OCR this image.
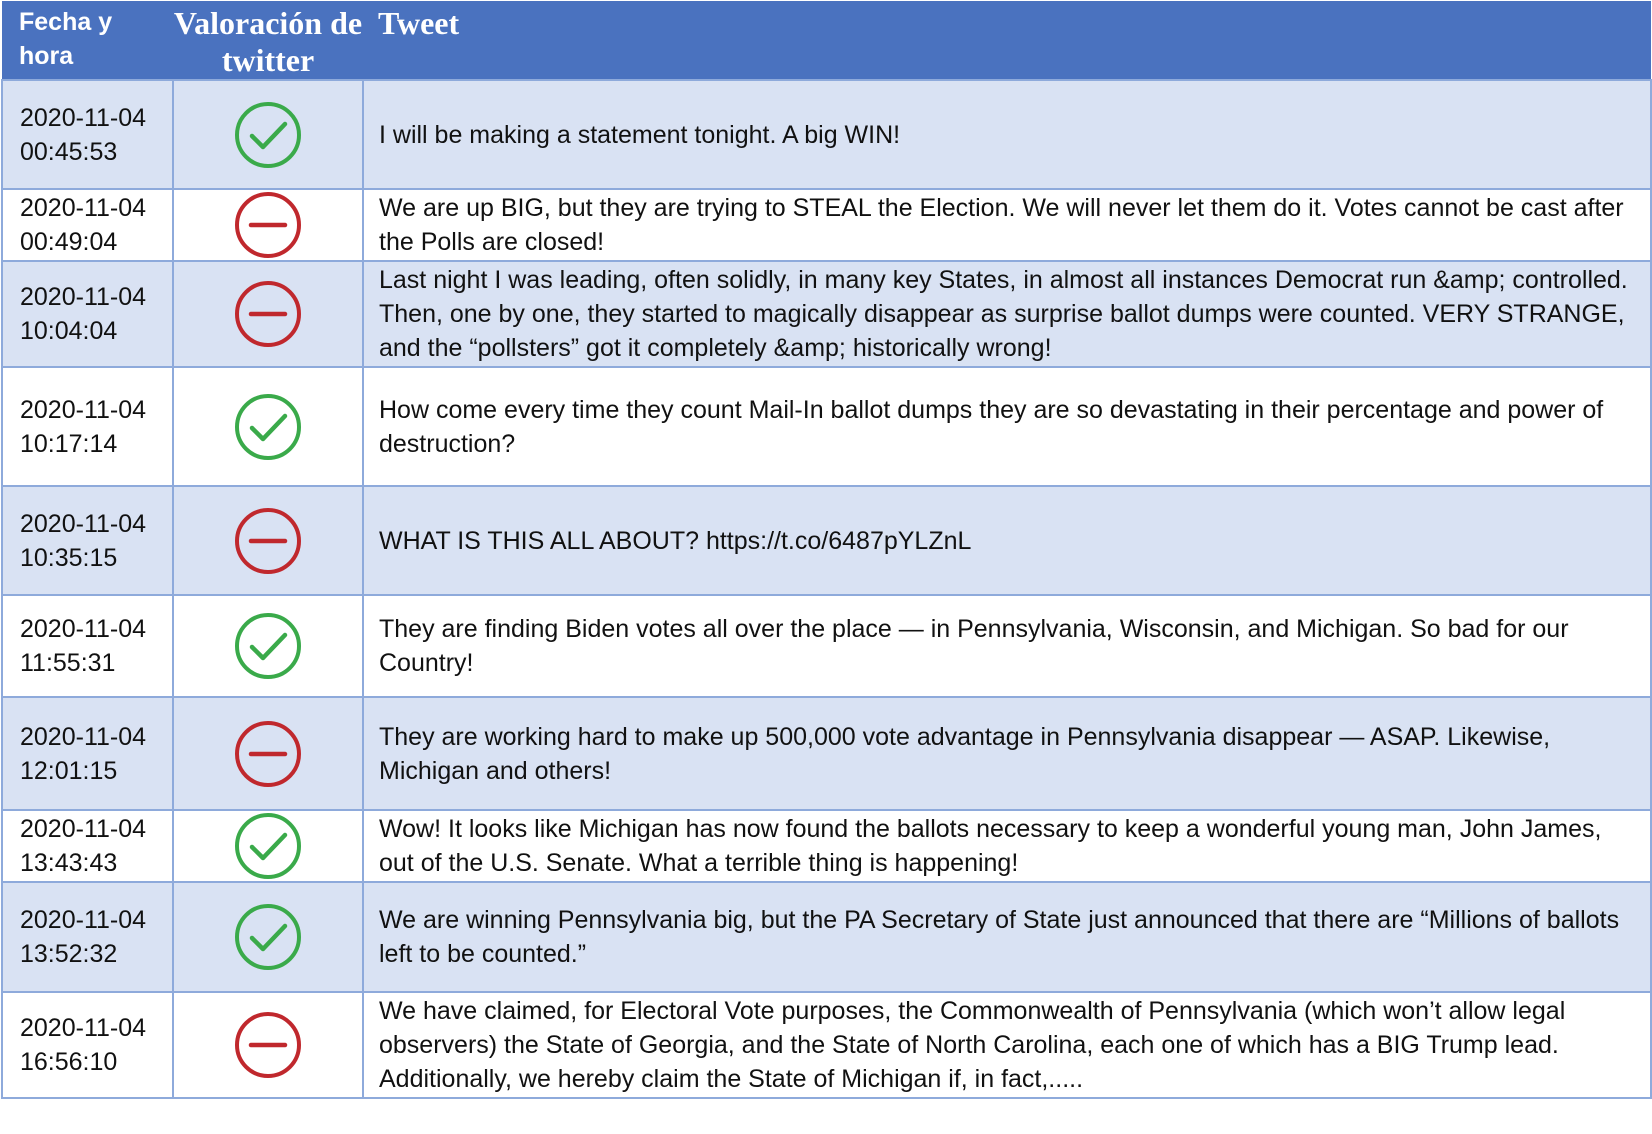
Fecha y hora	Valoración de twitter	Tweet

2020-11-04
00:45:53		I will be making a statement tonight. A big WIN!

2020-11-04
00:49:04		We are up BIG, but they are trying to STEAL the Election. We will never let them do it. Votes cannot be cast after the Polls are closed!

2020-11-04
10:04:04		Last night I was leading, often solidly, in many key States, in almost all instances Democrat run &amp; controlled. Then, one by one, they started to magically disappear as surprise ballot dumps were counted. VERY STRANGE, and the “pollsters” got it completely &amp; historically wrong!

2020-11-04
10:17:14		How come every time they count Mail-In ballot dumps they are so devastating in their percentage and power of destruction?

2020-11-04
10:35:15		WHAT IS THIS ALL ABOUT? https://t.co/6487pYLZnL

2020-11-04
11:55:31		They are finding Biden votes all over the place — in Pennsylvania, Wisconsin, and Michigan. So bad for our Country!

2020-11-04
12:01:15		They are working hard to make up 500,000 vote advantage in Pennsylvania disappear — ASAP. Likewise, Michigan and others!

2020-11-04
13:43:43		Wow! It looks like Michigan has now found the ballots necessary to keep a wonderful young man, John James, out of the U.S. Senate. What a terrible thing is happening!

2020-11-04
13:52:32		We are winning Pennsylvania big, but the PA Secretary of State just announced that there are “Millions of ballots left to be counted.”

2020-11-04
16:56:10		We have claimed, for Electoral Vote purposes, the Commonwealth of Pennsylvania (which won’t allow legal observers) the State of Georgia, and the State of North Carolina, each one of which has a BIG Trump lead. Additionally, we hereby claim the State of Michigan if, in fact,.....
